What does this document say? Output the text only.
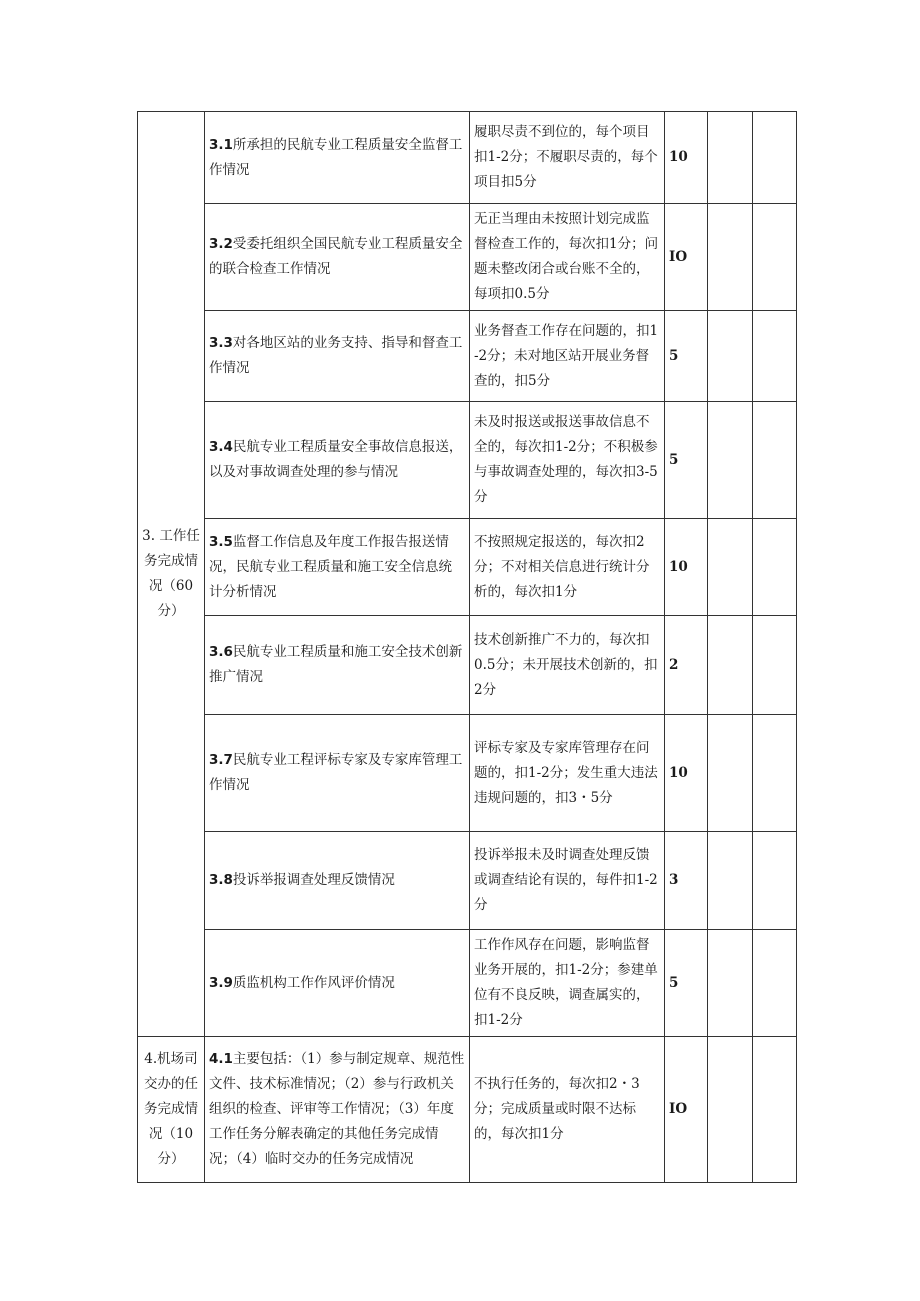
3. 工作任务完成情况（60分）	3.1所承担的民航专业工程质量安全监督工作情况	履职尽责不到位的，每个项目扣1-2分；不履职尽责的，每个项目扣5分	10		
	3.2受委托组织全国民航专业工程质量安全的联合检查工作情况	无正当理由未按照计划完成监督检查工作的，每次扣1分；问题未整改闭合或台账不全的，每项扣0.5分	IO		
	3.3对各地区站的业务支持、指导和督查工作情况	业务督查工作存在问题的，扣1-2分；未对地区站开展业务督查的，扣5分	5		
	3.4民航专业工程质量安全事故信息报送，以及对事故调查处理的参与情况	未及时报送或报送事故信息不全的，每次扣1-2分；不积极参与事故调查处理的，每次扣3-5分	5		
	3.5监督工作信息及年度工作报告报送情况，民航专业工程质量和施工安全信息统计分析情况	不按照规定报送的，每次扣2分；不对相关信息进行统计分析的，每次扣1分	10		
	3.6民航专业工程质量和施工安全技术创新推广情况	技术创新推广不力的，每次扣0.5分；未开展技术创新的，扣2分	2		
	3.7民航专业工程评标专家及专家库管理工作情况	评标专家及专家库管理存在问题的，扣1-2分；发生重大违法违规问题的，扣3・5分	10		
	3.8投诉举报调查处理反馈情况	投诉举报未及时调查处理反馈或调查结论有误的，每件扣1-2分	3		
	3.9质监机构工作作风评价情况	工作作风存在问题，影响监督业务开展的，扣1-2分；参建单位有不良反映，调查属实的，扣1-2分	5		
4.机场司交办的任务完成情况（10分）	4.1主要包括：（1）参与制定规章、规范性文件、技术标准情况；（2）参与行政机关组织的检查、评审等工作情况；（3）年度工作任务分解表确定的其他任务完成情况；（4）临时交办的任务完成情况	不执行任务的，每次扣2・3分；完成质量或时限不达标的，每次扣1分	IO		
